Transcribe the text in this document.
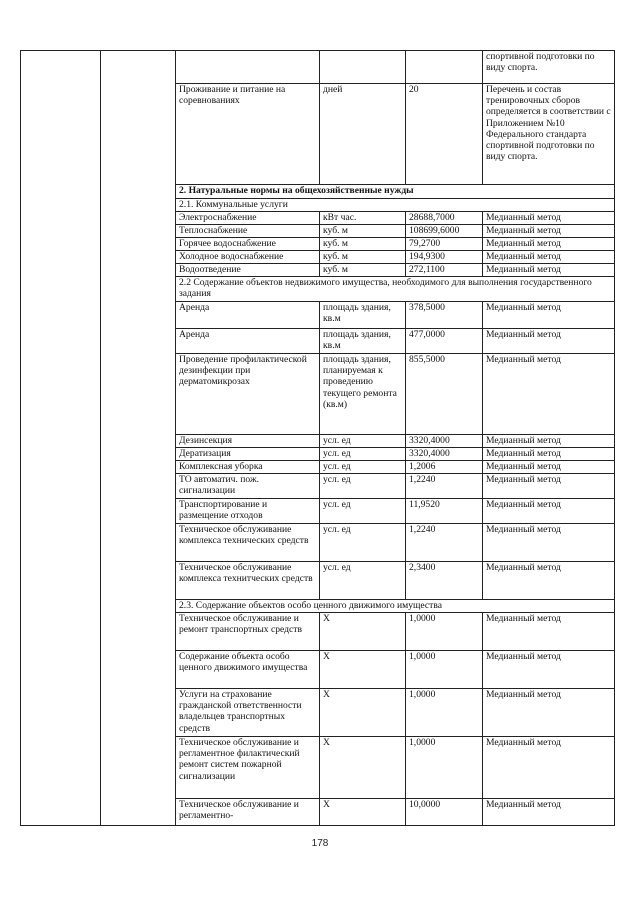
					спортивной подготовки по виду спорта.
		Проживание и питание на соревнованиях	дней	20	Перечень и состав тренировочных сборов определяется в соответствии с Приложением №10 Федерального стандарта спортивной подготовки по виду спорта.
		2. Натуральные нормы на общехозяйственные нужды			
		2.1. Коммунальные услуги			
		Электроснабжение	кВт час.	28688,7000	Медианный метод
		Теплоснабжение	куб. м	108699,6000	Медианный метод
		Горячее водоснабжение	куб. м	79,2700	Медианный метод
		Холодное водоснабжение	куб. м	194,9300	Медианный метод
		Водоотведение	куб. м	272,1100	Медианный метод
		2.2 Содержание объектов недвижимого имущества, необходимого для выполнения государственного задания			
		Аренда	площадь здания, кв.м	378,5000	Медианный метод
		Аренда	площадь здания, кв.м	477,0000	Медианный метод
		Проведение профилактической дезинфекции при дерматомикрозах	площадь здания, планируемая к проведению текущего ремонта (кв.м)	855,5000	Медианный метод
		Дезинсекция	усл. ед	3320,4000	Медианный метод
		Дератизация	усл. ед	3320,4000	Медианный метод
		Комплексная уборка	усл. ед	1,2006	Медианный метод
		ТО автоматич. пож. сигнализации	усл. ед	1,2240	Медианный метод
		Транспортирование и размещение отходов	усл. ед	11,9520	Медианный метод
		Техническое обслуживание комплекса технических средств	усл. ед	1,2240	Медианный метод
		Техническое обслуживание комплекса технитческих средств	усл. ед	2,3400	Медианный метод
		2.3. Содержание объектов особо ценного движимого имущества			
		Техническое обслуживание и ремонт транспортных средств	Х	1,0000	Медианный метод
		Содержание объекта особо ценного движимого имущества	Х	1,0000	Медианный метод
		Услуги на страхование гражданской ответственности владельцев транспортных средств	Х	1,0000	Медианный метод
		Техническое обслуживание и регламентное филактический ремонт систем пожарной сигнализации	Х	1,0000	Медианный метод
		Техническое обслуживание и регламентно-	Х	10,0000	Медианный метод
178
